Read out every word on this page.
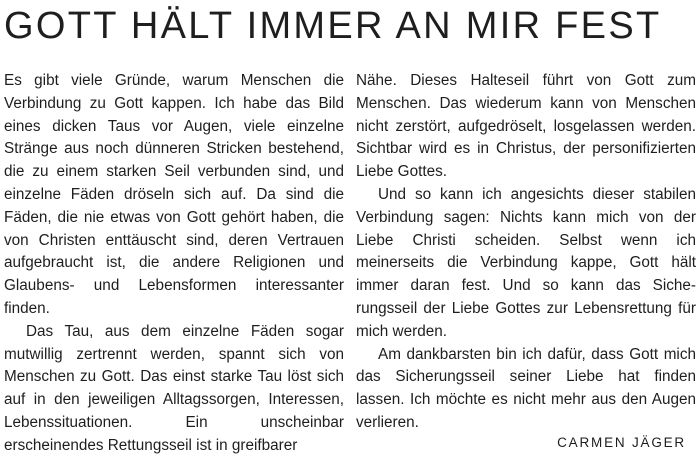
GOTT HÄLT IMMER AN MIR FEST

Es gibt viele Gründe, warum Menschen die Verbindung zu Gott kappen. Ich habe das Bild eines dicken Taus vor Augen, viele einzelne Stränge aus noch dünneren Stricken bestehend, die zu einem starken Seil verbunden sind, und einzelne Fäden dröseln sich auf. Da sind die Fäden, die nie etwas von Gott gehört haben, die von Christen enttäuscht sind, deren Vertrauen aufgebraucht ist, die andere Religionen und Glaubens- und Lebensformen interessanter finden.

Das Tau, aus dem einzelne Fäden sogar mutwillig zertrennt werden, spannt sich von Menschen zu Gott. Das einst starke Tau löst sich auf in den jeweiligen Alltagssorgen, Interessen, Lebenssituationen. Ein unscheinbar erscheinendes Rettungsseil ist in greifbarer

Nähe. Dieses Halteseil führt von Gott zum Menschen. Das wiederum kann von Menschen nicht zerstört, aufgedröselt, losgelassen werden. Sichtbar wird es in Christus, der personifizierten Liebe Gottes.

Und so kann ich angesichts dieser stabilen Verbindung sagen: Nichts kann mich von der Liebe Christi scheiden. Selbst wenn ich meinerseits die Verbindung kappe, Gott hält immer daran fest. Und so kann das Sicherungsseil der Liebe Gottes zur Lebensrettung für mich werden.

Am dankbarsten bin ich dafür, dass Gott mich das Sicherungsseil seiner Liebe hat finden lassen. Ich möchte es nicht mehr aus den Augen verlieren.

CARMEN JÄGER
